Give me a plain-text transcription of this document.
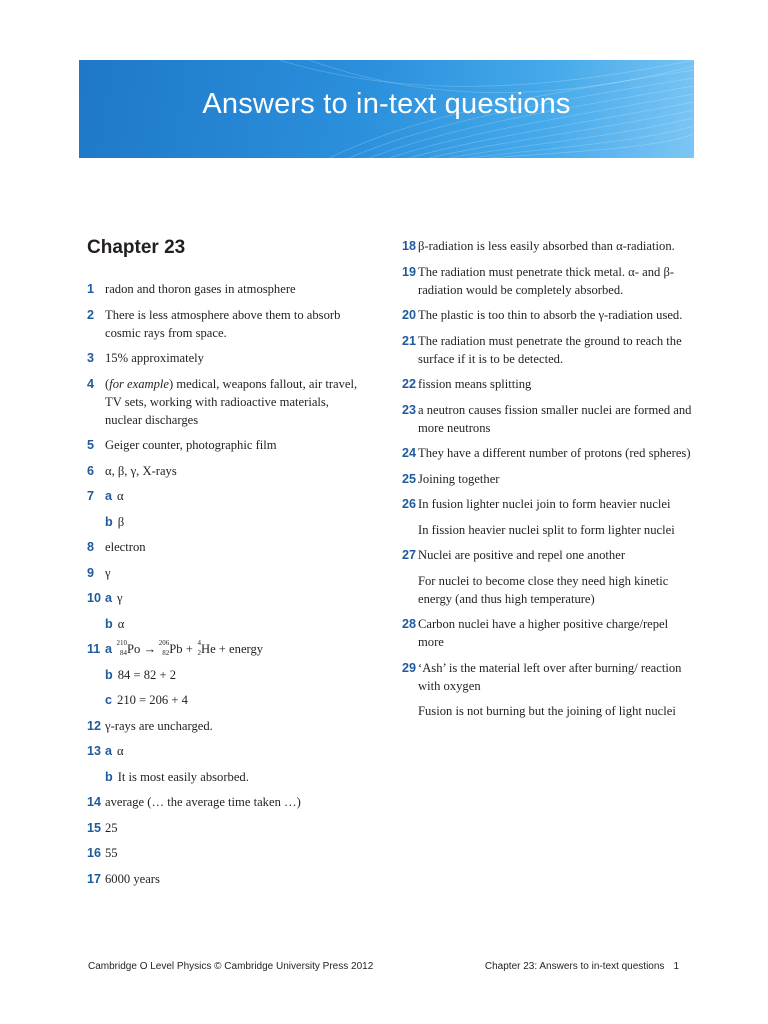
Answers to in-text questions
Chapter 23
1 radon and thoron gases in atmosphere
2 There is less atmosphere above them to absorb cosmic rays from space.
3 15% approximately
4 (for example) medical, weapons fallout, air travel, TV sets, working with radioactive materials, nuclear discharges
5 Geiger counter, photographic film
6 α, β, γ, X-rays
7 a α
b β
8 electron
9 γ
10 a γ
b α
11 a 210
84 Po → 206
82 Pb + 4
2 He + energy
b 84 = 82 + 2
c 210 = 206 + 4
12 γ-rays are uncharged.
13 a α
b It is most easily absorbed.
14 average (… the average time taken …)
15 25
16 55
17 6000 years
18 β-radiation is less easily absorbed than α-radiation.
19 The radiation must penetrate thick metal. α- and β-radiation would be completely absorbed.
20 The plastic is too thin to absorb the γ-radiation used.
21 The radiation must penetrate the ground to reach the surface if it is to be detected.
22 fission means splitting
23 a neutron causes fission smaller nuclei are formed and more neutrons
24 They have a different number of protons (red spheres)
25 Joining together
26 In fusion lighter nuclei join to form heavier nuclei
In fission heavier nuclei split to form lighter nuclei
27 Nuclei are positive and repel one another
For nuclei to become close they need high kinetic energy (and thus high temperature)
28 Carbon nuclei have a higher positive charge/repel more
29 ‘Ash’ is the material left over after burning/ reaction with oxygen
Fusion is not burning but the joining of light nuclei
Cambridge O Level Physics © Cambridge University Press 2012	Chapter 23: Answers to in-text questions 1
